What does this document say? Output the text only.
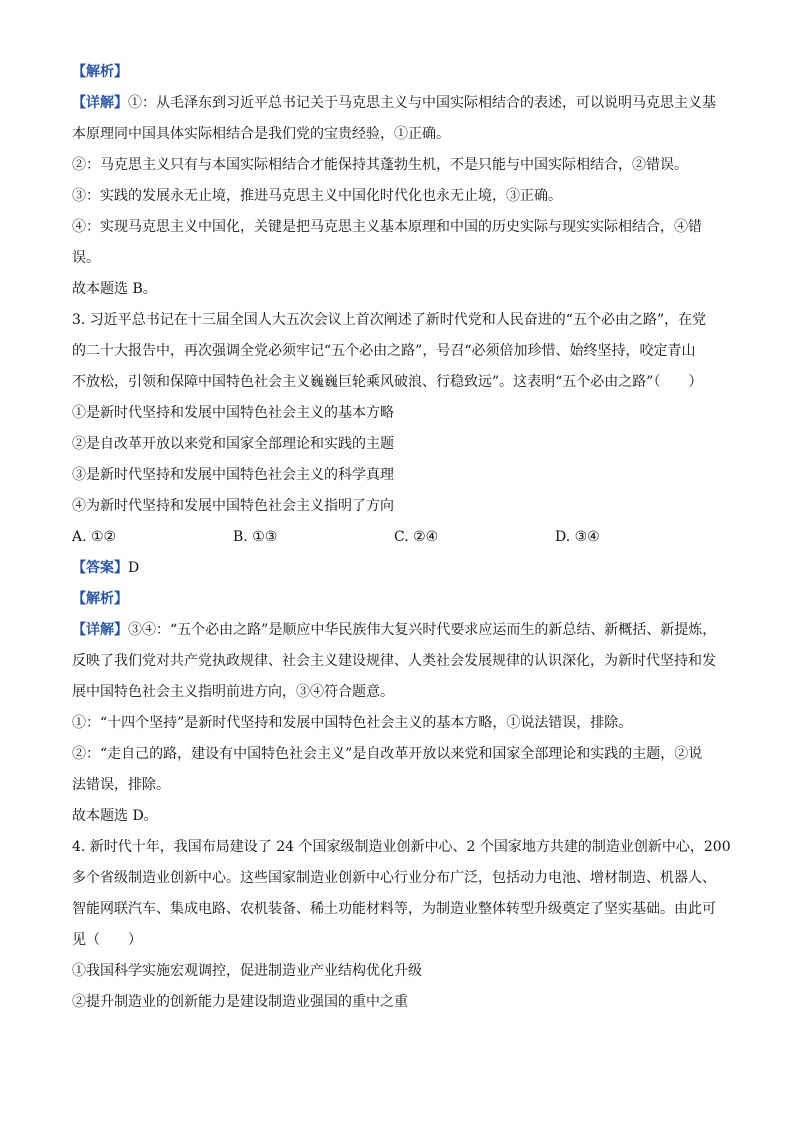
【解析】
【详解】①：从毛泽东到习近平总书记关于马克思主义与中国实际相结合的表述，可以说明马克思主义基
本原理同中国具体实际相结合是我们党的宝贵经验，①正确。
②：马克思主义只有与本国实际相结合才能保持其蓬勃生机，不是只能与中国实际相结合，②错误。
③：实践的发展永无止境，推进马克思主义中国化时代化也永无止境，③正确。
④：实现马克思主义中国化，关键是把马克思主义基本原理和中国的历史实际与现实实际相结合，④错
误。
故本题选 B。
3. 习近平总书记在十三届全国人大五次会议上首次阐述了新时代党和人民奋进的“五个必由之路”，在党
的二十大报告中，再次强调全党必须牢记“五个必由之路”，号召“必须倍加珍惜、始终坚持，咬定青山
不放松，引领和保障中国特色社会主义巍巍巨轮乘风破浪、行稳致远”。这表明“五个必由之路”（　　）
①是新时代坚持和发展中国特色社会主义的基本方略
②是自改革开放以来党和国家全部理论和实践的主题
③是新时代坚持和发展中国特色社会主义的科学真理
④为新时代坚持和发展中国特色社会主义指明了方向
A. ①②	B. ①③	C. ②④	D. ③④
【答案】D
【解析】
【详解】③④：“五个必由之路”是顺应中华民族伟大复兴时代要求应运而生的新总结、新概括、新提炼，
反映了我们党对共产党执政规律、社会主义建设规律、人类社会发展规律的认识深化，为新时代坚持和发
展中国特色社会主义指明前进方向，③④符合题意。
①：“十四个坚持”是新时代坚持和发展中国特色社会主义的基本方略，①说法错误，排除。
②：“走自己的路，建设有中国特色社会主义”是自改革开放以来党和国家全部理论和实践的主题，②说
法错误，排除。
故本题选 D。
4. 新时代十年，我国布局建设了 24 个国家级制造业创新中心、2 个国家地方共建的制造业创新中心，200
多个省级制造业创新中心。这些国家制造业创新中心行业分布广泛，包括动力电池、增材制造、机器人、
智能网联汽车、集成电路、农机装备、稀土功能材料等，为制造业整体转型升级奠定了坚实基础。由此可
见（　　）
①我国科学实施宏观调控，促进制造业产业结构优化升级
②提升制造业的创新能力是建设制造业强国的重中之重
